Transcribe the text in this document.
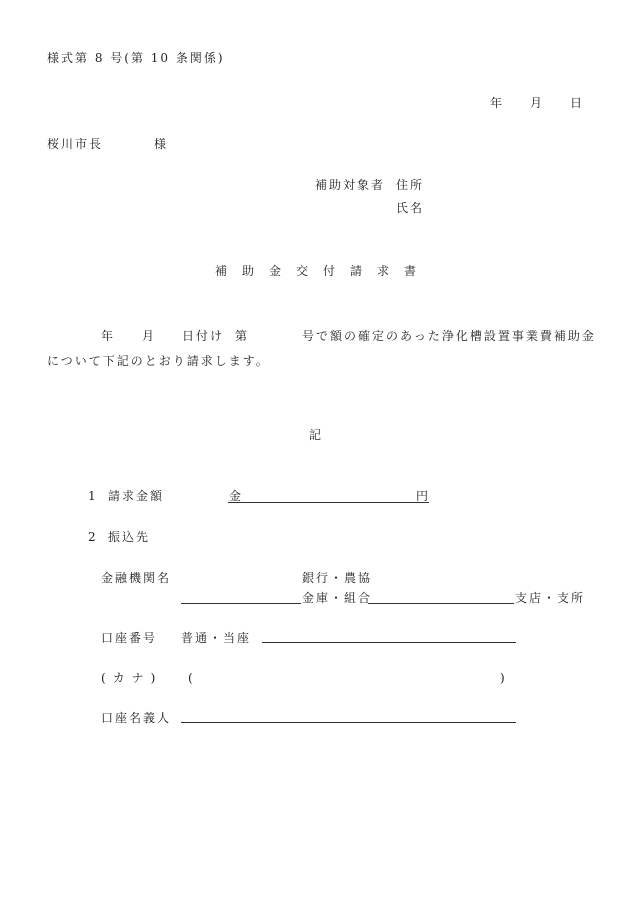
様式第 8 号(第 10 条関係)
年 月 日
桜川市長	様
補助対象者 住所
氏名
補 助 金 交 付 請 求 書
年 月 日付け 第	号で額の確定のあった浄化槽設置事業費補助金
について下記のとおり請求します。
記
1 請求金額	金	円
2 振込先
金融機関名	銀行・農協
金庫・組合	支店・支所
口座番号 普通・当座
(カナ) (	)
口座名義人
